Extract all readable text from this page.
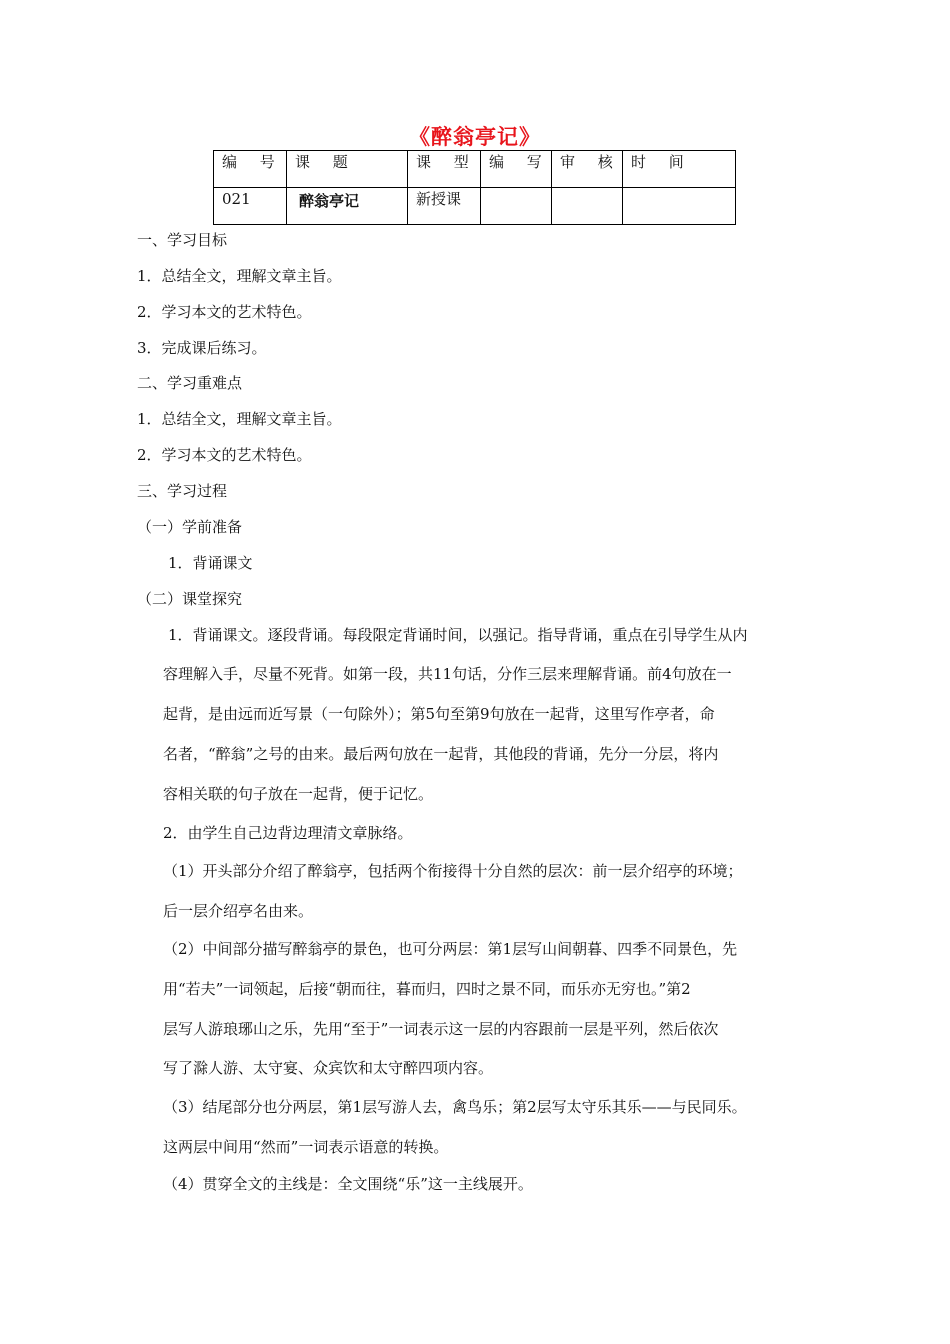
《醉翁亭记》
编 号	课 题	课 型	编 写	审 核	时 间
021	醉翁亭记	新授课			
一、学习目标
1．总结全文，理解文章主旨。
2．学习本文的艺术特色。
3．完成课后练习。
二、学习重难点
1．总结全文，理解文章主旨。
2．学习本文的艺术特色。
三、学习过程
（一）学前准备
1．背诵课文
（二）课堂探究
1．背诵课文。逐段背诵。每段限定背诵时间，以强记。指导背诵，重点在引导学生从内
容理解入手，尽量不死背。如第一段，共11句话，分作三层来理解背诵。前4句放在一
起背，是由远而近写景（一句除外）；第5句至第9句放在一起背，这里写作亭者，命
名者，“醉翁”之号的由来。最后两句放在一起背，其他段的背诵，先分一分层，将内
容相关联的句子放在一起背，便于记忆。
2．由学生自己边背边理清文章脉络。
（1）开头部分介绍了醉翁亭，包括两个衔接得十分自然的层次：前一层介绍亭的环境；
后一层介绍亭名由来。
（2）中间部分描写醉翁亭的景色，也可分两层：第1层写山间朝暮、四季不同景色，先
用“若夫”一词领起，后接“朝而往，暮而归，四时之景不同，而乐亦无穷也。”第2
层写人游琅琊山之乐，先用“至于”一词表示这一层的内容跟前一层是平列，然后依次
写了滁人游、太守宴、众宾饮和太守醉四项内容。
（3）结尾部分也分两层，第1层写游人去，禽鸟乐；第2层写太守乐其乐——与民同乐。
这两层中间用“然而”一词表示语意的转换。
（4）贯穿全文的主线是：全文围绕“乐”这一主线展开。
